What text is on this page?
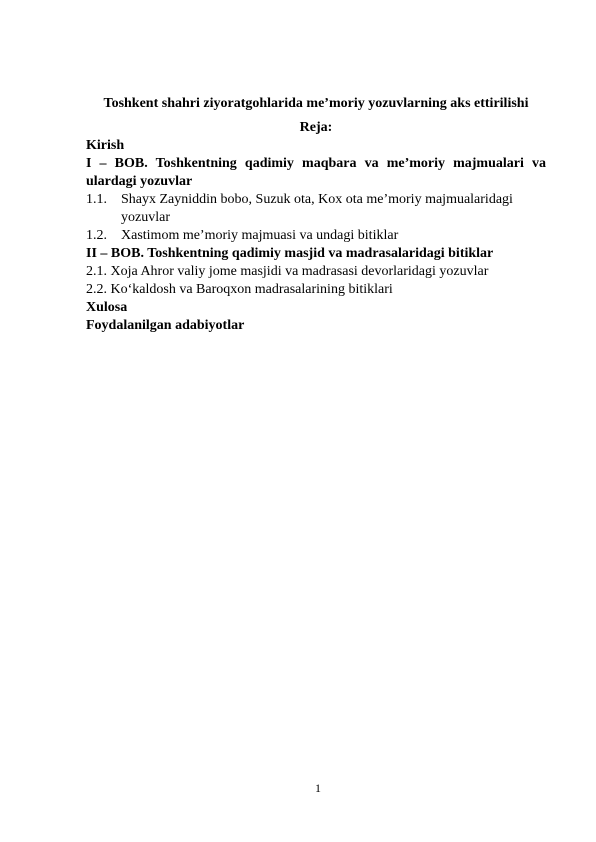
Toshkent shahri ziyoratgohlarida me’moriy yozuvlarning aks ettirilishi
Reja:
Kirish
I – BOB. Toshkentning qadimiy maqbara va me’moriy majmualari va
ulardagi yozuvlar
1.1. Shayx Zayniddin bobo, Suzuk ota, Kox ota me’moriy majmualaridagi
yozuvlar
1.2. Xastimom me’moriy majmuasi va undagi bitiklar
II – BOB. Toshkentning qadimiy masjid va madrasalaridagi bitiklar
2.1. Xoja Ahror valiy jome masjidi va madrasasi devorlaridagi yozuvlar
2.2. Ko‘kaldosh va Baroqxon madrasalarining bitiklari
Xulosa
Foydalanilgan adabiyotlar
1
